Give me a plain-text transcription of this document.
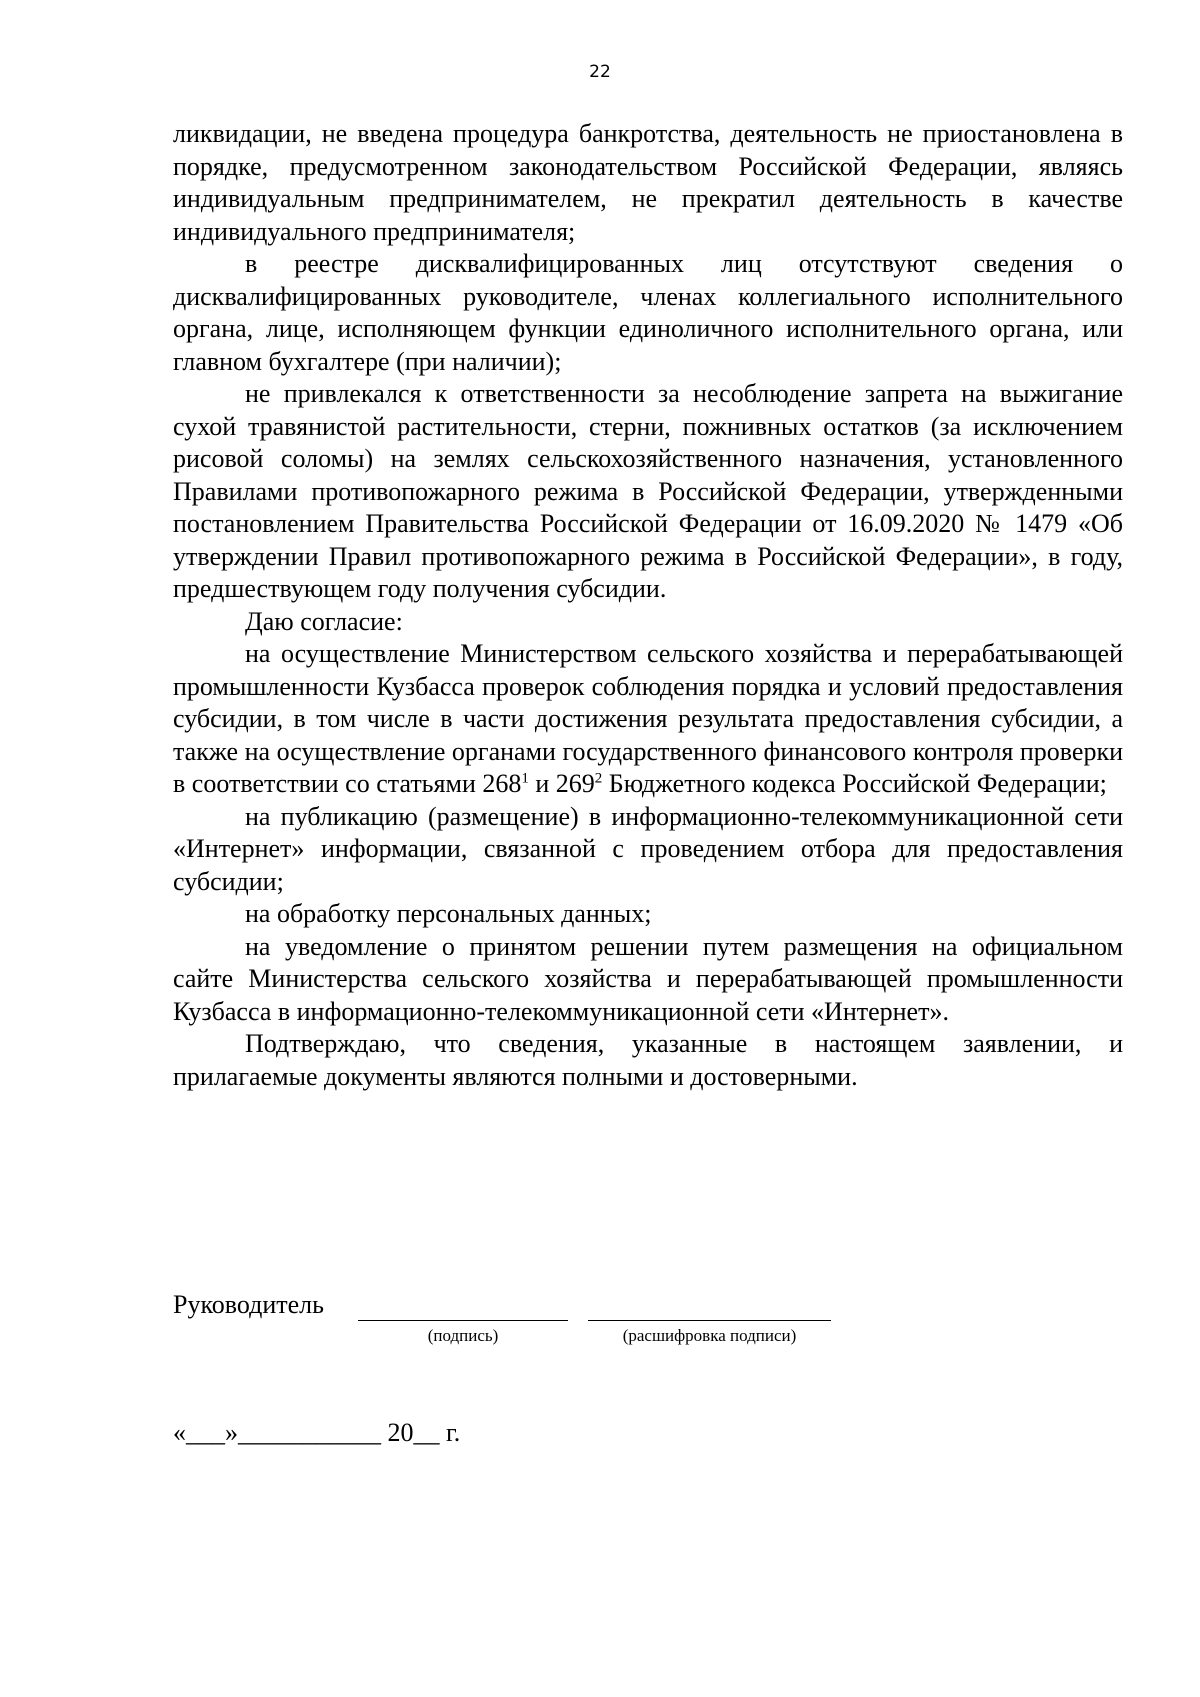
22

ликвидации, не введена процедура банкротства, деятельность не приостановлена в порядке, предусмотренном законодательством Российской Федерации, являясь индивидуальным предпринимателем, не прекратил деятельность в качестве индивидуального предпринимателя;

в реестре дисквалифицированных лиц отсутствуют сведения о дисквалифицированных руководителе, членах коллегиального исполнительного органа, лице, исполняющем функции единоличного исполнительного органа, или главном бухгалтере (при наличии);

не привлекался к ответственности за несоблюдение запрета на выжигание сухой травянистой растительности, стерни, пожнивных остатков (за исключением рисовой соломы) на землях сельскохозяйственного назначения, установленного Правилами противопожарного режима в Российской Федерации, утвержденными постановлением Правительства Российской Федерации от 16.09.2020 № 1479 «Об утверждении Правил противопожарного режима в Российской Федерации», в году, предшествующем году получения субсидии.

Даю согласие:

на осуществление Министерством сельского хозяйства и перерабатывающей промышленности Кузбасса проверок соблюдения порядка и условий предоставления субсидии, в том числе в части достижения результата предоставления субсидии, а также на осуществление органами государственного финансового контроля проверки в соответствии со статьями $268^1$ и $269^2$ Бюджетного кодекса Российской Федерации;

на публикацию (размещение) в информационно-телекоммуникационной сети «Интернет» информации, связанной с проведением отбора для предоставления субсидии;

на обработку персональных данных;

на уведомление о принятом решении путем размещения на официальном сайте Министерства сельского хозяйства и перерабатывающей промышленности Кузбасса в информационно-телекоммуникационной сети «Интернет».

Подтверждаю, что сведения, указанные в настоящем заявлении, и прилагаемые документы являются полными и достоверными.

Руководитель
(подпись)	(расшифровка подписи)
«___»___________ 20__ г.
